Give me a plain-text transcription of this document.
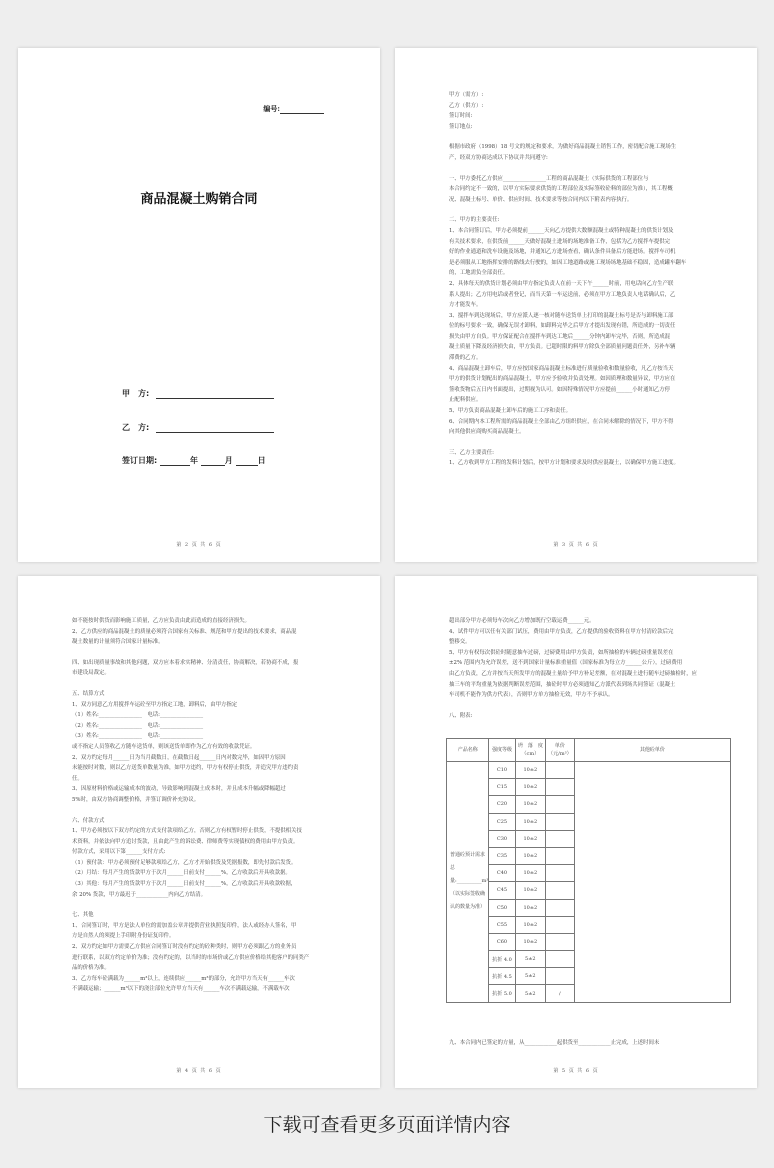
编号:
商品混凝土购销合同
甲　方:
乙　方:
签订日期:	年	月	日
第 2 页 共 6 页

甲方（需方）:

乙方（供方）:

签订时间:

签订地点:

根据市政府（1998）18 号文的规定和要求，为做好商品混凝土销售工作，密切配合施工现场生

产，经双方协商达成以下协议并共同遵守:

一、甲方委托乙方供应________________工程的商品混凝土（实际供货的工程部位与

本合同约定不一致的，以甲方实际要求供货的工程部位及实际签收砼料的部位为准），其工程概

况、混凝土标号、单价、供应时间、技术要求等按合同内以下附表内容执行。

二、甲方的主要责任:

1、本合同签订后，甲方必须提前______天向乙方提供大数额混凝土或特种混凝土的供货计划及

有关技术要求，在供货前______天做好混凝土进场的场地准备工作，包括为乙方搅拌车提供完

好的作业通道和洗车设施及场地，并通知乙方进场查看，确认条件具备后方能进场。搅拌车司机

是必须服从工地指挥安排的路线去行驶的，如因工地道路或施工现场场地基础不稳固，造成罐车翻车

的，工地需负全部责任。

2、具体每天的供货计划必须由甲方指定负责人在前一天下午______时前，用电话向乙方生产联

系人提出；乙方用电话或者登记，而当天第一车运送前，必须在甲方工地负责人电话确认后，乙

方才能发车。

3、搅拌车到达现场后，甲方应派人逐一核对随车送货单上打印的混凝土标号是否与卸料施工部

位的标号要求一致，确保无误才卸料，如卸料完毕之后甲方才提出发现有错，所造成的一切责任

损失由甲方自负。甲方保证配合在搅拌车到达工地后______分钟内卸车完毕，否则，所造成混

凝土质量下降及经济损失由，甲方负责。已超时限的料甲方除负全部质量问题责任外，另补车辆

滞费的乙方。

4、商品混凝土卸车后，甲方应按国家商品混凝土标准进行质量验收和数量验收，凡乙方按当天

甲方的供货计划配出的商品混凝土，甲方应予验收并负责处理。如因质理和数量异议，甲方应在

签收货物后五日内书面提出，过期视为认可。如因特殊情况甲方应提前______小时通知乙方停

止配料供应。

5、甲方负责商品混凝土卸车后的施工工序和责任。

6、合同期内本工程所需的商品混凝土全部由乙方组织供应，在合同未解除的情况下，甲方不得

向其他供应商购买商品混凝土。

三、乙方主要责任:

1、乙方收到甲方工程的发料计划后，按甲方计划和要求及时供应混凝土，以确保甲方施工进度。

第 3 页 共 6 页

如不能按时供货而影响施工质量，乙方应负责由此而造成的直接经济损失。

2、乙方供应的商品混凝土的质量必须符合国家有关标准、规范和甲方提出的技术要求，商品混

凝土数量的计量须符合国家计量标准。

四、如出现质量事故和其他问题，双方应本着求实精神、分清责任，协商解决，若协商不成，报

市建设局裁定。

五、结算方式

1、双方同意乙方用搅拌车运砼至甲方指定工地，卸料后，由甲方指定

（1）姓名:________________　电话:________________

（2）姓名:________________　电话:________________

（3）姓名:________________　电话:________________

或不指定人员签收乙方随车送货单，则该送货单即作为乙方有效的收款凭证。

2、双方约定每月______日为当月截数日，在截数日起______日内对数完毕，如因甲方原因

未能按时对数，则以乙方送货单数量为准，如甲方违约，甲方有权停止供货，并追究甲方违约责

任。

3、因原材料价格或运输成本的波动，导致影响到混凝土成本时，并且成本升幅或降幅超过

5%时，由双方协商调整价格，并签订调价补充协议。

六、付款方式

1、甲方必须按以下双方约定的方式支付款项给乙方，否则乙方有权暂时停止供货，不提供相关技

术资料，并依法向甲方追讨货款，且由此产生的诉讼费、律师费等实现债权的费用由甲方负责。

付款方式，采用以下第______支付方式:

（1）预付款：甲方必须预付足够款项给乙方，乙方才开始供货及凭据报数，即先付款后发货。

（2）月结：每月产生的货款甲方于次月______日前支付______%，乙方收款后开具收款据。

（3）其他：每月产生的货款甲方于次月______日前支付______%，乙方收款后开具收款收据，

余 20% 货款，甲方最迟于____________内向乙方结清。

七、其他

1、合同签订时，甲方是法人单位的需加盖公章并提供营业执照复印件，法人或经办人签名，甲

方是自然人的须提上手印附身份证复印件。

2、双方约定如甲方需要乙方供应合同签订时没有约定的砼种类时，则甲方必须跟乙方的业务员

进行联系，以双方约定单价为准；没有约定的，以当时的市场价或乙方供应价格给其他客户的同类产

品的价格为准。

3、乙方每车砼满载为______m³以上，连续供应______m³的部分，允许甲方当天有______车次

不满载运输；______m³以下的浇注部位允许甲方当天有______车次不满载运输，不满载车次

第 4 页 共 6 页

超出部分甲方必须每车次向乙方增加既行空载运费______元。

4、试件甲方可以任有关部门试压，费用由甲方负责，乙方提供的验收资料在甲方付清砼款后完

整移交。

5、甲方有权每次供砼时随意抽车过磅，过磅费用由甲方负责，如所抽检的车辆过磅重量误差在

±2% 范围内为允许误差，送不到国家计量标准重量值（国家标准为每立方______公斤），过磅费用

由乙方负责，乙方并按当天所发甲方的混凝土量给予甲方补足差额，在对混凝土进行随车过磅抽检时，应

抽三车的平均重量为依据判断误差范围，抽砼时甲方必须通知乙方派代表到场共同签证（混凝土

车司机不能作为供方代表），否则甲方单方抽检无效，甲方不予承认。

八、附表:

产品名称	强度等级	坍　落　度（cm）	单价（元/m³）	其他砼单价
普通砼预计需求总量:__________m³（以实际签收确认的数量为准）	C10	10±2		
	C15	10±2		
	C20	10±2		
	C25	10±2		
	C30	10±2		
	C35	10±2		
	C40	10±2		
	C45	10±2		
	C50	10±2		
	C55	10±2		
	C60	10±2		
	抗折 4.0	5±2		
	抗折 4.5	5±2		
	抗折 5.0	5±2	/	

九、本合同内已签定的方量，从____________起供货至____________止完成，上述时间未

第 5 页 共 6 页
下载可查看更多页面详情内容
